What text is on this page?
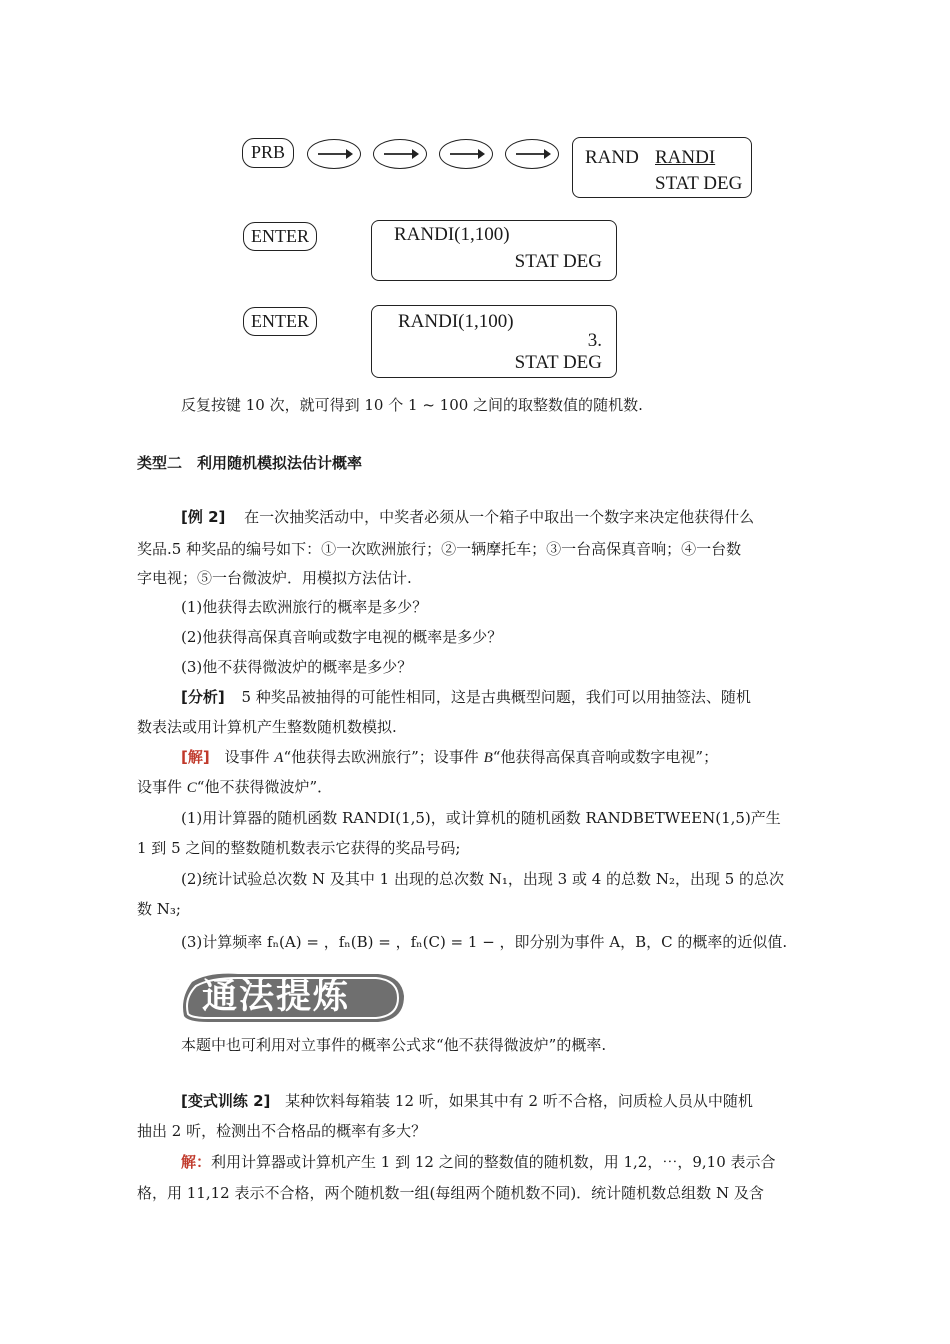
PRB	RAND RANDI
STAT DEG
ENTER	RANDI(1,100)
STAT DEG
ENTER	RANDI(1,100)
3.
STAT DEG
反复按键 10 次，就可得到 10 个 1 ~ 100 之间的取整数值的随机数.
类型二　利用随机模拟法估计概率
[例 2] 在一次抽奖活动中，中奖者必须从一个箱子中取出一个数字来决定他获得什么
奖品.5 种奖品的编号如下：①一次欧洲旅行；②一辆摩托车；③一台高保真音响；④一台数
字电视；⑤一台微波炉．用模拟方法估计.
(1)他获得去欧洲旅行的概率是多少？
(2)他获得高保真音响或数字电视的概率是多少？
(3)他不获得微波炉的概率是多少？
[分析] 5 种奖品被抽得的可能性相同，这是古典概型问题，我们可以用抽签法、随机
数表法或用计算机产生整数随机数模拟.
[解] 设事件 A“他获得去欧洲旅行”；设事件 B“他获得高保真音响或数字电视”；
设事件 C“他不获得微波炉”．
(1)用计算器的随机函数 RANDI(1,5)，或计算机的随机函数 RANDBETWEEN(1,5)产生
1 到 5 之间的整数随机数表示它获得的奖品号码;
(2)统计试验总次数 N 及其中 1 出现的总次数 N₁，出现 3 或 4 的总数 N₂，出现 5 的总次
数 N₃;
(3)计算频率 fₙ(A) = ，fₙ(B) = ，fₙ(C) = 1 − ，即分别为事件 A，B，C 的概率的近似值.
通法提炼
本题中也可利用对立事件的概率公式求“他不获得微波炉”的概率.
[变式训练 2] 某种饮料每箱装 12 听，如果其中有 2 听不合格，问质检人员从中随机
抽出 2 听，检测出不合格品的概率有多大？
解：利用计算器或计算机产生 1 到 12 之间的整数值的随机数，用 1,2，⋯，9,10 表示合
格，用 11,12 表示不合格，两个随机数一组(每组两个随机数不同)．统计随机数总组数 N 及含
